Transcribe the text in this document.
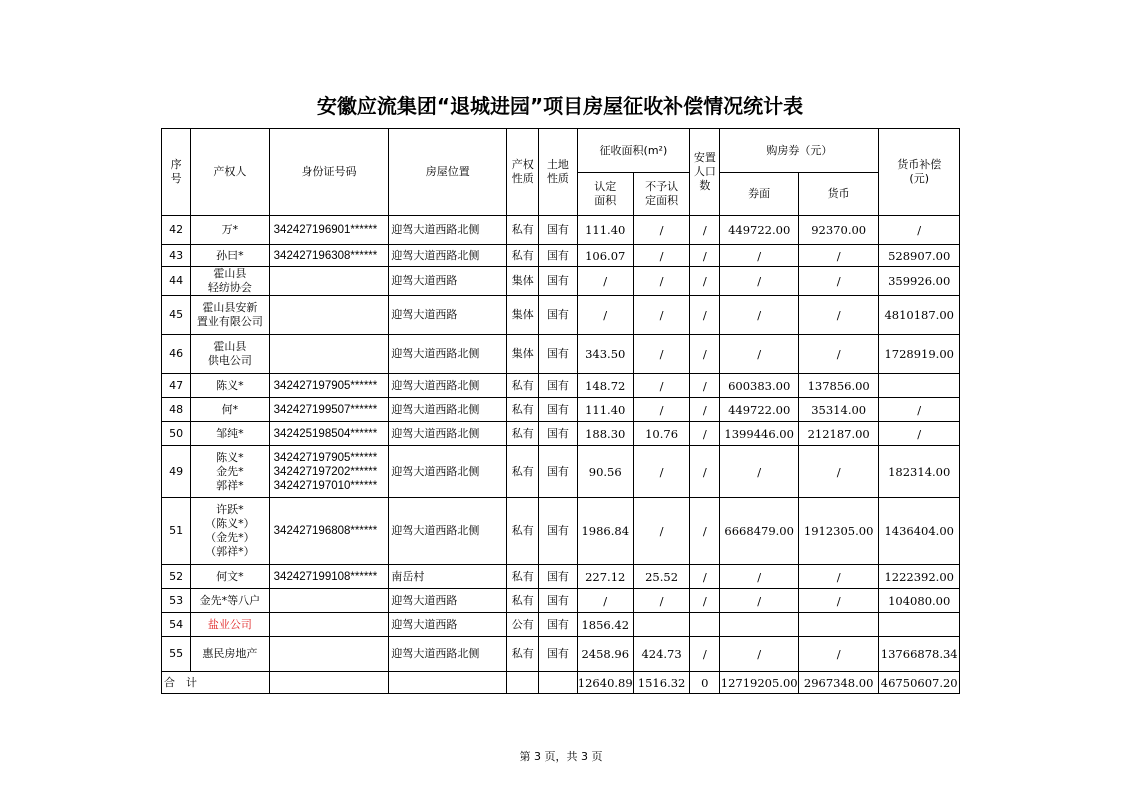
安徽应流集团“退城进园”项目房屋征收补偿情况统计表
序号	产权人	身份证号码	房屋位置	产权性质	土地性质	征收面积(m²)		安置人口数	购房券（元）		货币补偿(元)
						认定面积	不予认定面积		券面	货币	
42	万*	342427196901******	迎驾大道西路北侧	私有	国有	111.40	/	/	449722.00	92370.00	/
43	孙曰*	342427196308******	迎驾大道西路北侧	私有	国有	106.07	/	/	/	/	528907.00
44	霍山县
轻纺协会		迎驾大道西路	集体	国有	/	/	/	/	/	359926.00
45	霍山县安新
置业有限公司		迎驾大道西路	集体	国有	/	/	/	/	/	4810187.00
46	霍山县
供电公司		迎驾大道西路北侧	集体	国有	343.50	/	/	/	/	1728919.00
47	陈义*	342427197905******	迎驾大道西路北侧	私有	国有	148.72	/	/	600383.00	137856.00	
48	何*	342427199507******	迎驾大道西路北侧	私有	国有	111.40	/	/	449722.00	35314.00	/
50	邹纯*	342425198504******	迎驾大道西路北侧	私有	国有	188.30	10.76	/	1399446.00	212187.00	/
49	陈义*
金先*
郭祥*	342427197905******
342427197202******
342427197010******	迎驾大道西路北侧	私有	国有	90.56	/	/	/	/	182314.00
51	许跃*
（陈义*）
（金先*）
（郭祥*）	342427196808******	迎驾大道西路北侧	私有	国有	1986.84	/	/	6668479.00	1912305.00	1436404.00
52	何文*	342427199108******	南岳村	私有	国有	227.12	25.52	/	/	/	1222392.00
53	金先*等八户		迎驾大道西路	私有	国有	/	/	/	/	/	104080.00
54	盐业公司		迎驾大道西路	公有	国有	1856.42					
55	惠民房地产		迎驾大道西路北侧	私有	国有	2458.96	424.73	/	/	/	13766878.34
合　计						12640.89	1516.32	0	12719205.00	2967348.00	46750607.20
第 3 页，共 3 页
